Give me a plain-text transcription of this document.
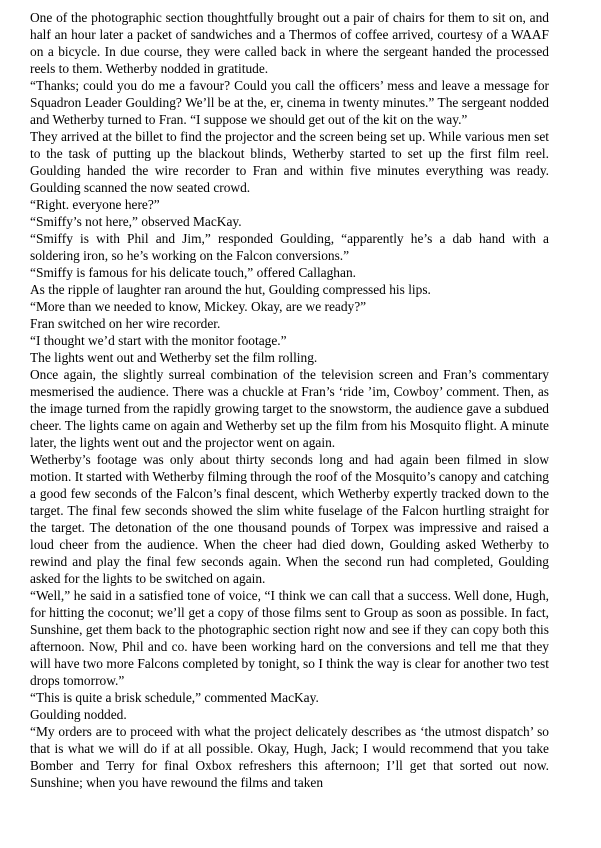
One of the photographic section thoughtfully brought out a pair of chairs for them to sit on, and half an hour later a packet of sandwiches and a Thermos of coffee arrived, courtesy of a WAAF on a bicycle. In due course, they were called back in where the sergeant handed the processed reels to them. Wetherby nodded in gratitude.

“Thanks; could you do me a favour? Could you call the officers’ mess and leave a message for Squadron Leader Goulding? We’ll be at the, er, cinema in twenty minutes.” The sergeant nodded and Wetherby turned to Fran. “I suppose we should get out of the kit on the way.”

They arrived at the billet to find the projector and the screen being set up. While various men set to the task of putting up the blackout blinds, Wetherby started to set up the first film reel. Goulding handed the wire recorder to Fran and within five minutes everything was ready. Goulding scanned the now seated crowd.

“Right. everyone here?”

“Smiffy’s not here,” observed MacKay.

“Smiffy is with Phil and Jim,” responded Goulding, “apparently he’s a dab hand with a soldering iron, so he’s working on the Falcon conversions.”

“Smiffy is famous for his delicate touch,” offered Callaghan.

As the ripple of laughter ran around the hut, Goulding compressed his lips.

“More than we needed to know, Mickey. Okay, are we ready?”

Fran switched on her wire recorder.

“I thought we’d start with the monitor footage.”

The lights went out and Wetherby set the film rolling.

Once again, the slightly surreal combination of the television screen and Fran’s commentary mesmerised the audience. There was a chuckle at Fran’s ‘ride ’im, Cowboy’ comment. Then, as the image turned from the rapidly growing target to the snowstorm, the audience gave a subdued cheer. The lights came on again and Wetherby set up the film from his Mosquito flight. A minute later, the lights went out and the projector went on again.

Wetherby’s footage was only about thirty seconds long and had again been filmed in slow motion. It started with Wetherby filming through the roof of the Mosquito’s canopy and catching a good few seconds of the Falcon’s final descent, which Wetherby expertly tracked down to the target. The final few seconds showed the slim white fuselage of the Falcon hurtling straight for the target. The detonation of the one thousand pounds of Torpex was impressive and raised a loud cheer from the audience. When the cheer had died down, Goulding asked Wetherby to rewind and play the final few seconds again. When the second run had completed, Goulding asked for the lights to be switched on again.

“Well,” he said in a satisfied tone of voice, “I think we can call that a success. Well done, Hugh, for hitting the coconut; we’ll get a copy of those films sent to Group as soon as possible. In fact, Sunshine, get them back to the photographic section right now and see if they can copy both this afternoon. Now, Phil and co. have been working hard on the conversions and tell me that they will have two more Falcons completed by tonight, so I think the way is clear for another two test drops tomorrow.”

“This is quite a brisk schedule,” commented MacKay.

Goulding nodded.

“My orders are to proceed with what the project delicately describes as ‘the utmost dispatch’ so that is what we will do if at all possible. Okay, Hugh, Jack; I would recommend that you take Bomber and Terry for final Oxbox refreshers this afternoon; I’ll get that sorted out now. Sunshine; when you have rewound the films and taken
